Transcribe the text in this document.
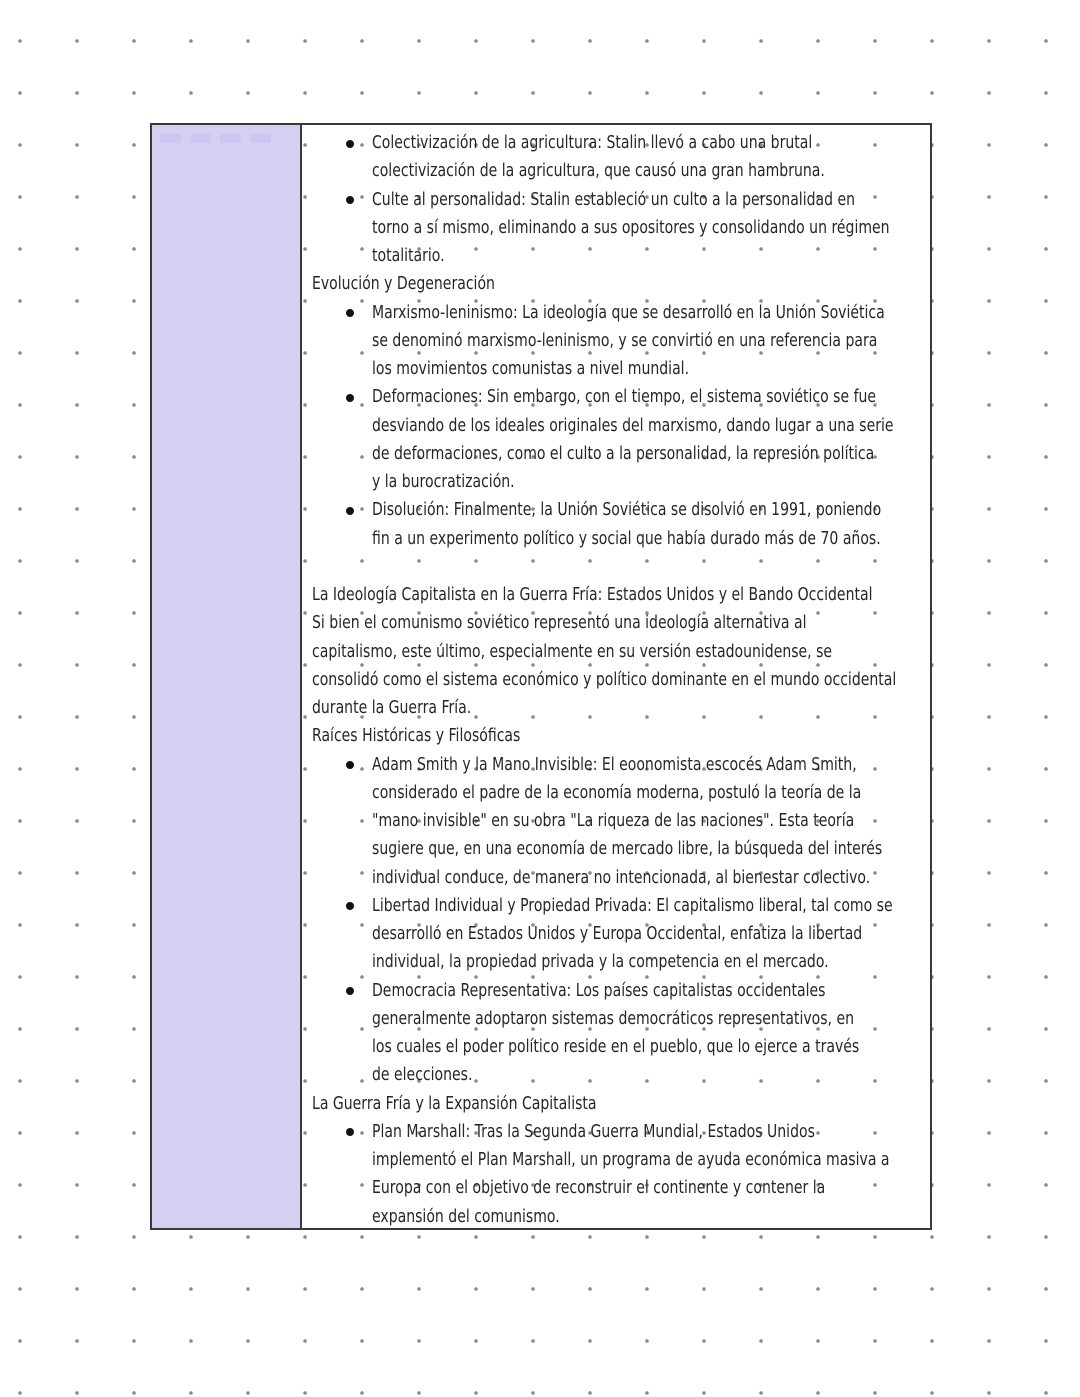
Colectivización de la agricultura: Stalin llevó a cabo una brutal
colectivización de la agricultura, que causó una gran hambruna.
Culte al personalidad: Stalin estableció un culto a la personalidad en
torno a sí mismo, eliminando a sus opositores y consolidando un régimen
totalitario.
Evolución y Degeneración
Marxismo-leninismo: La ideología que se desarrolló en la Unión Soviética
se denominó marxismo-leninismo, y se convirtió en una referencia para
los movimientos comunistas a nivel mundial.
Deformaciones: Sin embargo, con el tiempo, el sistema soviético se fue
desviando de los ideales originales del marxismo, dando lugar a una serie
de deformaciones, como el culto a la personalidad, la represión política
y la burocratización.
Disolución: Finalmente, la Unión Soviética se disolvió en 1991, poniendo
fin a un experimento político y social que había durado más de 70 años.
La Ideología Capitalista en la Guerra Fría: Estados Unidos y el Bando Occidental
Si bien el comunismo soviético representó una ideología alternativa al
capitalismo, este último, especialmente en su versión estadounidense, se
consolidó como el sistema económico y político dominante en el mundo occidental
durante la Guerra Fría.
Raíces Históricas y Filosóficas
Adam Smith y la Mano Invisible: El eoonomista escocés Adam Smith,
considerado el padre de la economía moderna, postuló la teoría de la
"mano invisible" en su obra "La riqueza de las naciones". Esta teoría
sugiere que, en una economía de mercado libre, la búsqueda del interés
individual conduce, de manera no intencionada, al bienestar colectivo.
Libertad Individual y Propiedad Privada: El capitalismo liberal, tal como se
desarrolló en Estados Unidos y Europa Occidental, enfatiza la libertad
individual, la propiedad privada y la competencia en el mercado.
Democracia Representativa: Los países capitalistas occidentales
generalmente adoptaron sistemas democráticos representativos, en
los cuales el poder político reside en el pueblo, que lo ejerce a través
de elecciones.
La Guerra Fría y la Expansión Capitalista
Plan Marshall: Tras la Segunda Guerra Mundial, Estados Unidos
implementó el Plan Marshall, un programa de ayuda económica masiva a
Europa con el objetivo de reconstruir el continente y contener la
expansión del comunismo.
